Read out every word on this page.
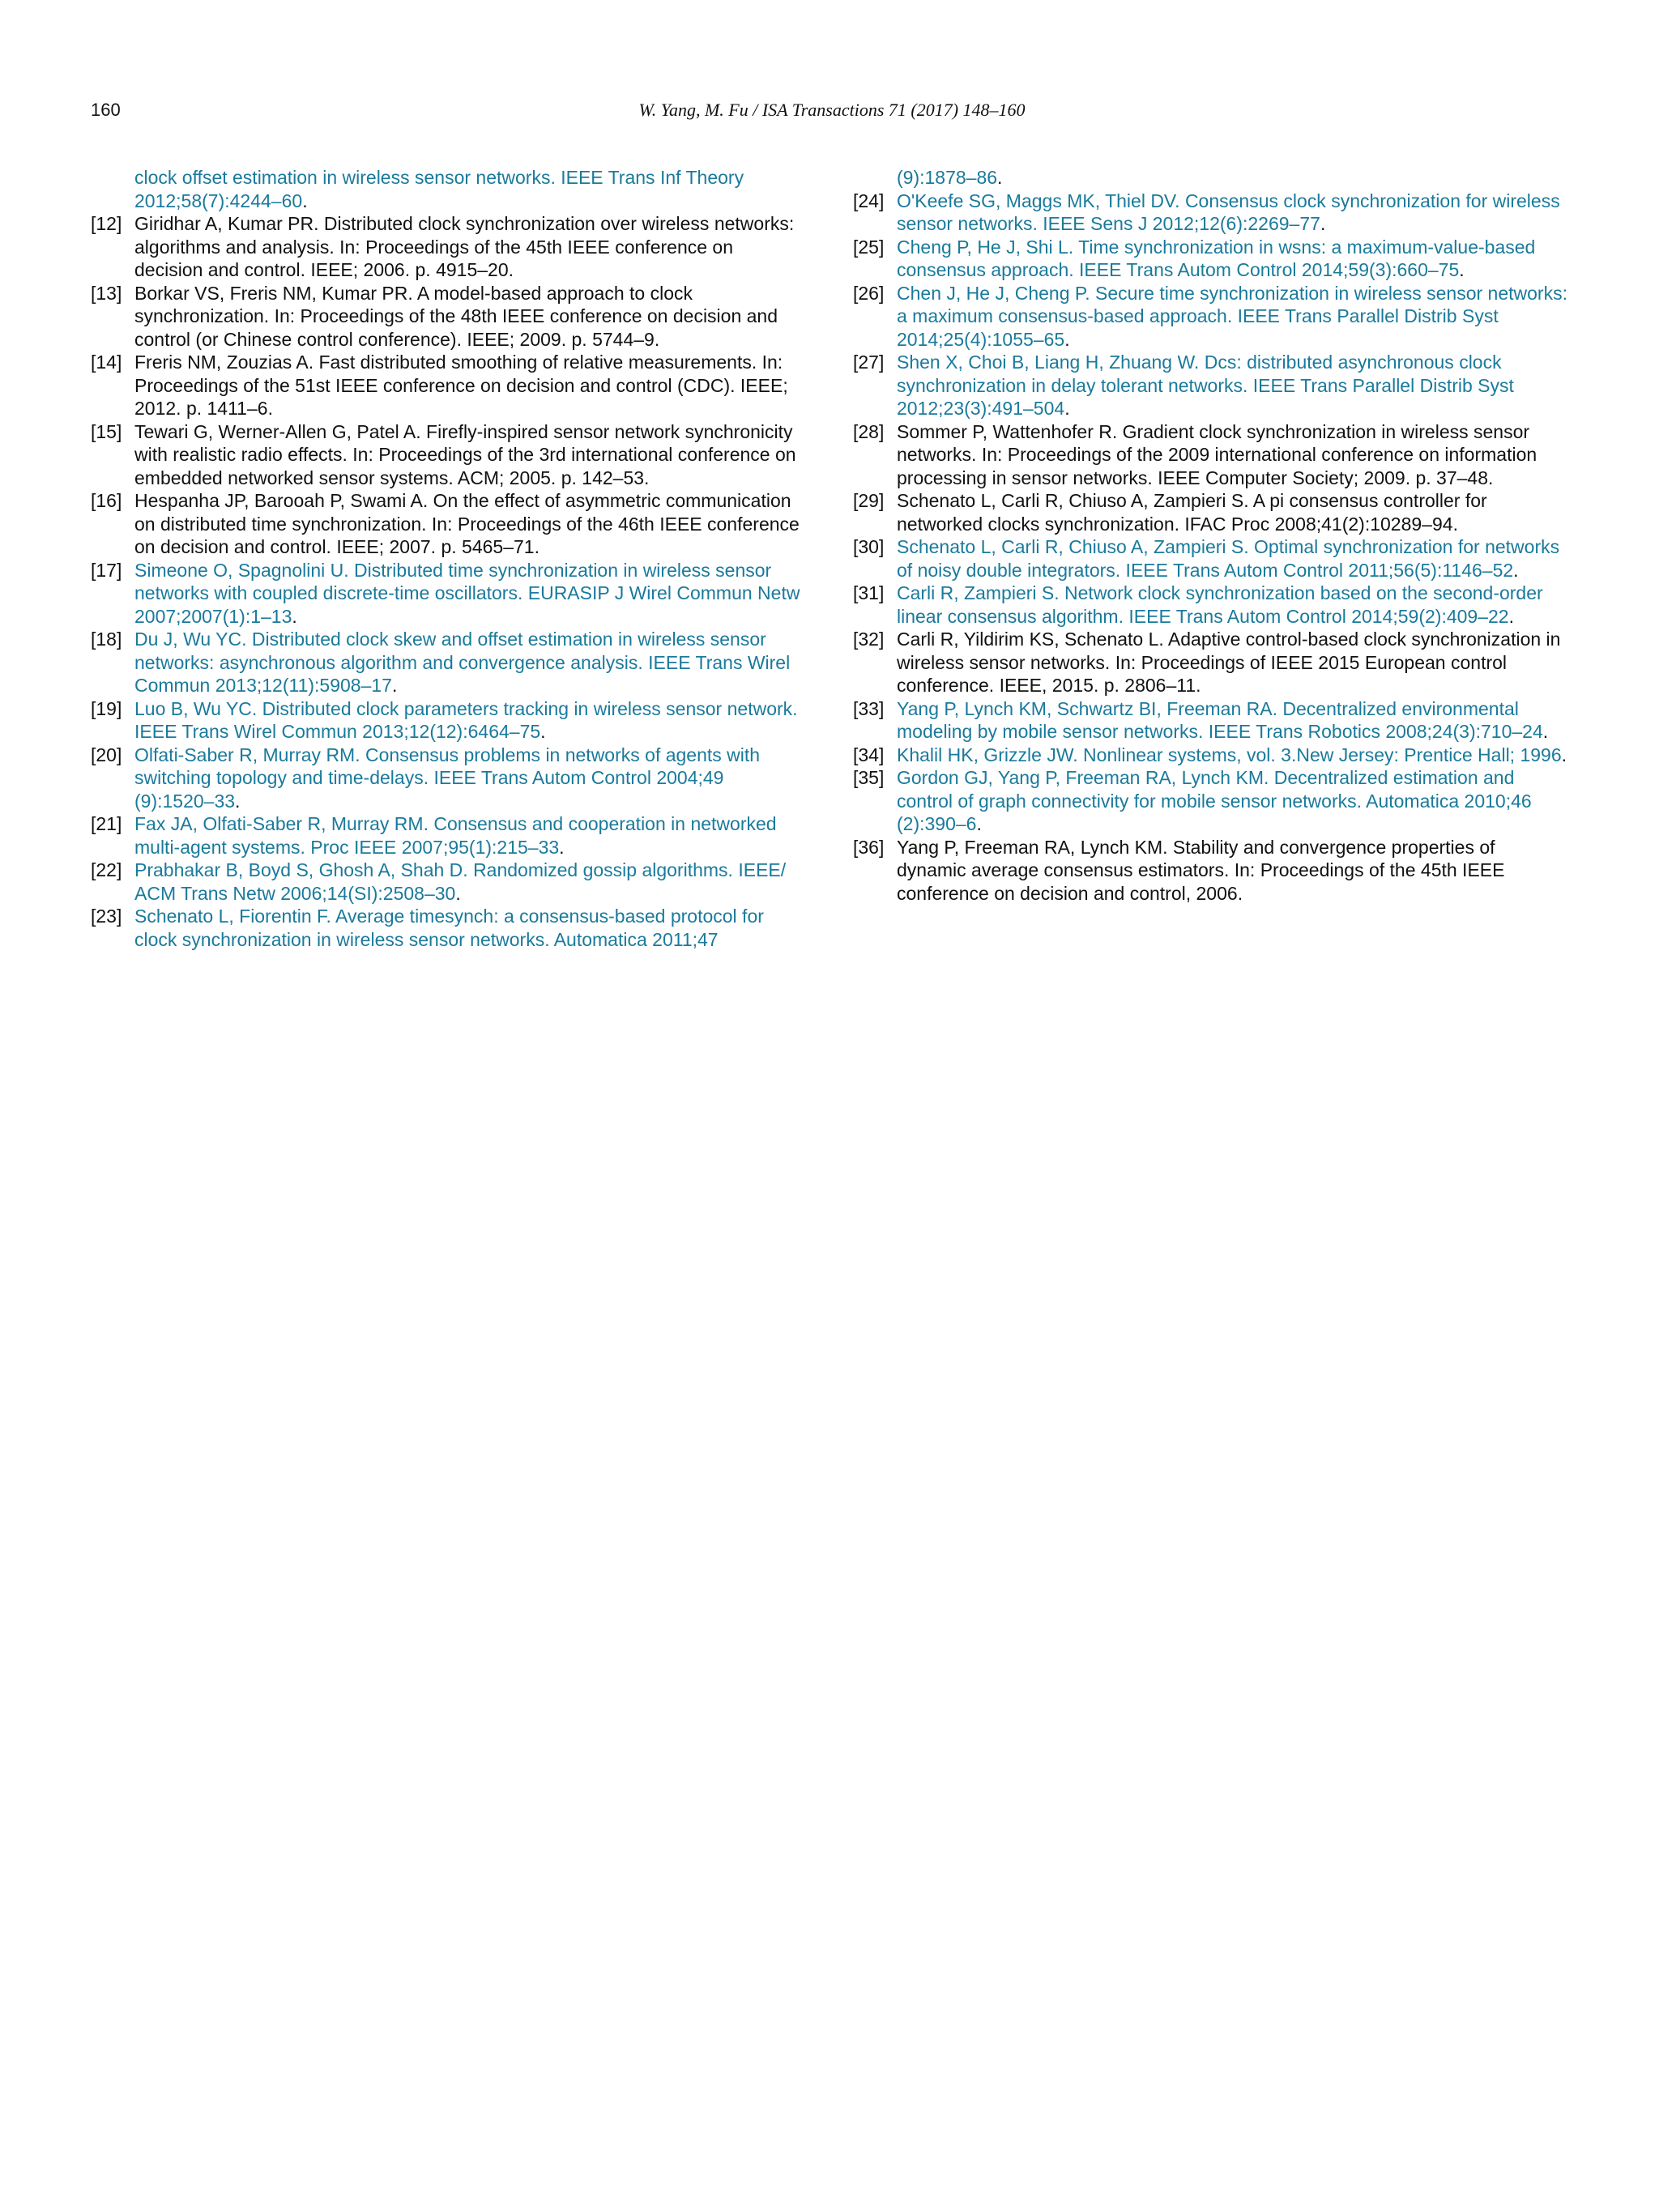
160	W. Yang, M. Fu / ISA Transactions 71 (2017) 148–160

clock offset estimation in wireless sensor networks. IEEE Trans Inf Theory 2012;58(7):4244–60.

[12] Giridhar A, Kumar PR. Distributed clock synchronization over wireless networks: algorithms and analysis. In: Proceedings of the 45th IEEE conference on decision and control. IEEE; 2006. p. 4915–20.

[13] Borkar VS, Freris NM, Kumar PR. A model-based approach to clock synchronization. In: Proceedings of the 48th IEEE conference on decision and control (or Chinese control conference). IEEE; 2009. p. 5744–9.

[14] Freris NM, Zouzias A. Fast distributed smoothing of relative measurements. In: Proceedings of the 51st IEEE conference on decision and control (CDC). IEEE; 2012. p. 1411–6.

[15] Tewari G, Werner-Allen G, Patel A. Firefly-inspired sensor network synchronicity with realistic radio effects. In: Proceedings of the 3rd international conference on embedded networked sensor systems. ACM; 2005. p. 142–53.

[16] Hespanha JP, Barooah P, Swami A. On the effect of asymmetric communication on distributed time synchronization. In: Proceedings of the 46th IEEE conference on decision and control. IEEE; 2007. p. 5465–71.

[17] Simeone O, Spagnolini U. Distributed time synchronization in wireless sensor networks with coupled discrete-time oscillators. EURASIP J Wirel Commun Netw 2007;2007(1):1–13.

[18] Du J, Wu YC. Distributed clock skew and offset estimation in wireless sensor networks: asynchronous algorithm and convergence analysis. IEEE Trans Wirel Commun 2013;12(11):5908–17.

[19] Luo B, Wu YC. Distributed clock parameters tracking in wireless sensor network. IEEE Trans Wirel Commun 2013;12(12):6464–75.

[20] Olfati-Saber R, Murray RM. Consensus problems in networks of agents with switching topology and time-delays. IEEE Trans Autom Control 2004;49 (9):1520–33.

[21] Fax JA, Olfati-Saber R, Murray RM. Consensus and cooperation in networked multi-agent systems. Proc IEEE 2007;95(1):215–33.

[22] Prabhakar B, Boyd S, Ghosh A, Shah D. Randomized gossip algorithms. IEEE/ ACM Trans Netw 2006;14(SI):2508–30.

[23] Schenato L, Fiorentin F. Average timesynch: a consensus-based protocol for clock synchronization in wireless sensor networks. Automatica 2011;47

(9):1878–86.

[24] O'Keefe SG, Maggs MK, Thiel DV. Consensus clock synchronization for wireless sensor networks. IEEE Sens J 2012;12(6):2269–77.

[25] Cheng P, He J, Shi L. Time synchronization in wsns: a maximum-value-based consensus approach. IEEE Trans Autom Control 2014;59(3):660–75.

[26] Chen J, He J, Cheng P. Secure time synchronization in wireless sensor networks: a maximum consensus-based approach. IEEE Trans Parallel Distrib Syst 2014;25(4):1055–65.

[27] Shen X, Choi B, Liang H, Zhuang W. Dcs: distributed asynchronous clock synchronization in delay tolerant networks. IEEE Trans Parallel Distrib Syst 2012;23(3):491–504.

[28] Sommer P, Wattenhofer R. Gradient clock synchronization in wireless sensor networks. In: Proceedings of the 2009 international conference on information processing in sensor networks. IEEE Computer Society; 2009. p. 37–48.

[29] Schenato L, Carli R, Chiuso A, Zampieri S. A pi consensus controller for networked clocks synchronization. IFAC Proc 2008;41(2):10289–94.

[30] Schenato L, Carli R, Chiuso A, Zampieri S. Optimal synchronization for networks of noisy double integrators. IEEE Trans Autom Control 2011;56(5):1146–52.

[31] Carli R, Zampieri S. Network clock synchronization based on the second-order linear consensus algorithm. IEEE Trans Autom Control 2014;59(2):409–22.

[32] Carli R, Yildirim KS, Schenato L. Adaptive control-based clock synchronization in wireless sensor networks. In: Proceedings of IEEE 2015 European control conference. IEEE, 2015. p. 2806–11.

[33] Yang P, Lynch KM, Schwartz BI, Freeman RA. Decentralized environmental modeling by mobile sensor networks. IEEE Trans Robotics 2008;24(3):710–24.

[34] Khalil HK, Grizzle JW. Nonlinear systems, vol. 3.New Jersey: Prentice Hall; 1996.

[35] Gordon GJ, Yang P, Freeman RA, Lynch KM. Decentralized estimation and control of graph connectivity for mobile sensor networks. Automatica 2010;46 (2):390–6.

[36] Yang P, Freeman RA, Lynch KM. Stability and convergence properties of dynamic average consensus estimators. In: Proceedings of the 45th IEEE conference on decision and control, 2006.
